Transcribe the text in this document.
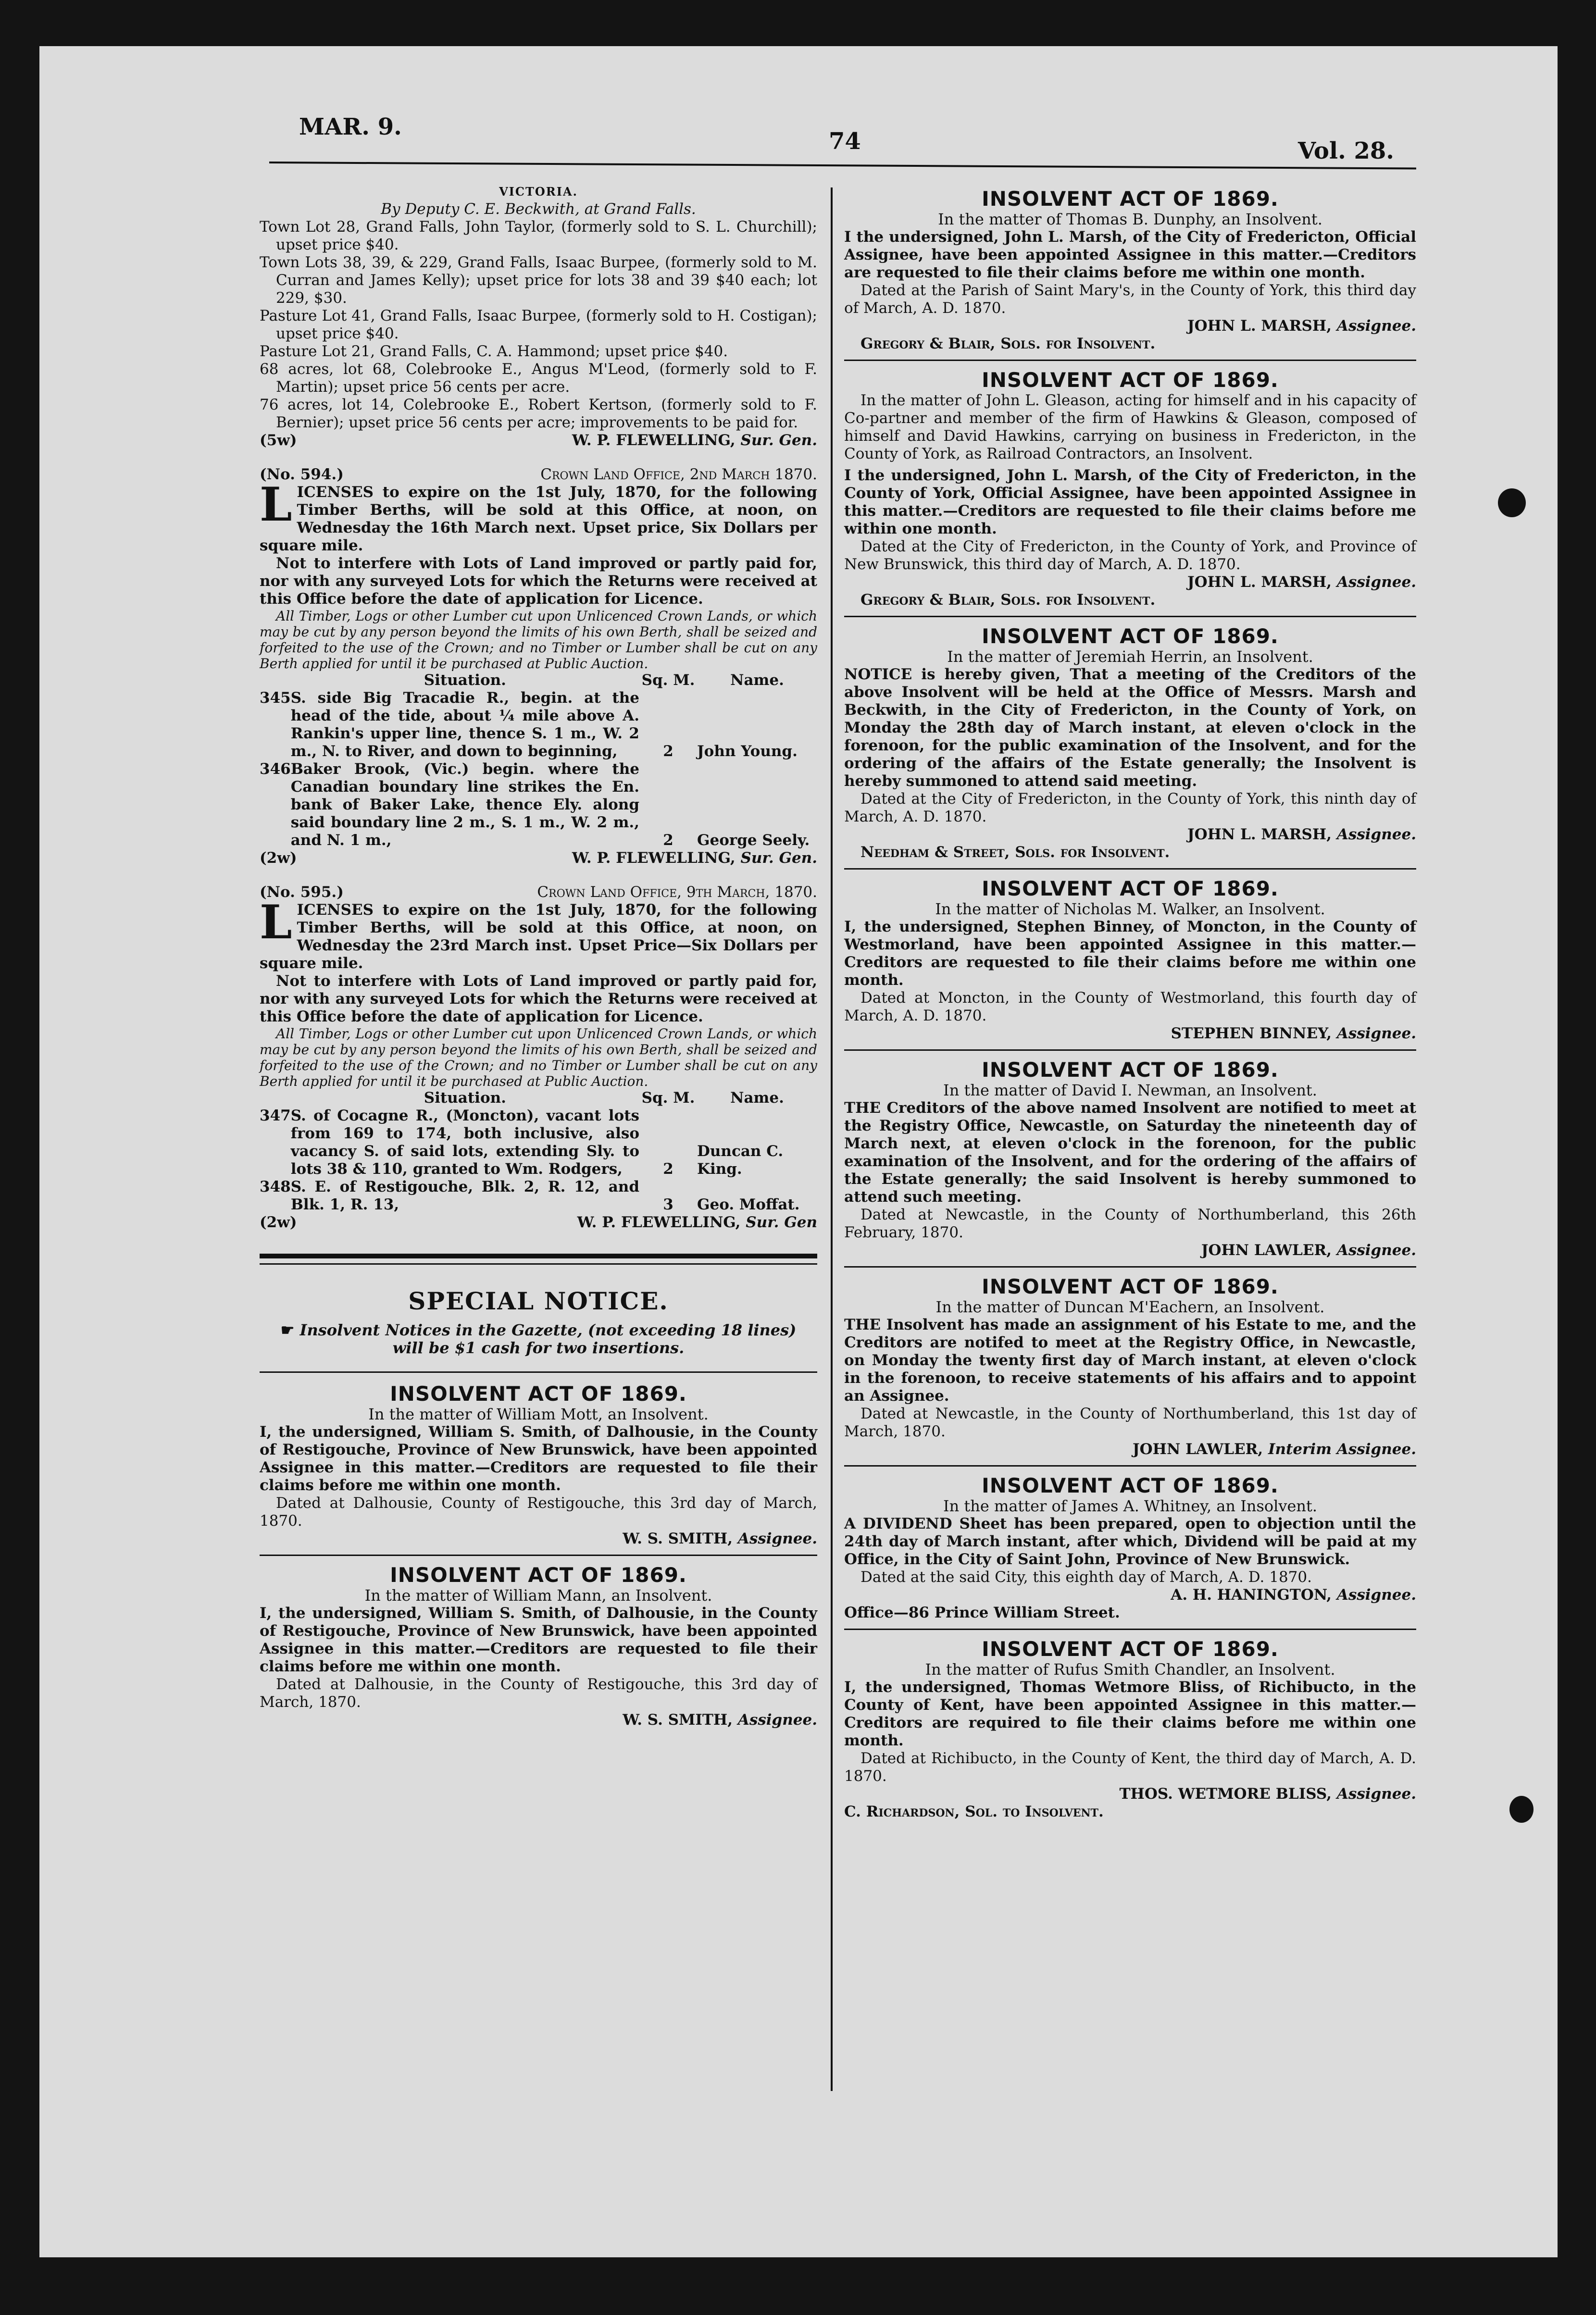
MAR. 9.
74	Vol. 28.

VICTORIA.

By Deputy C. E. Beckwith, at Grand Falls.

Town Lot 28, Grand Falls, John Taylor, (formerly sold to S. L. Churchill); upset price $40.

Town Lots 38, 39, & 229, Grand Falls, Isaac Burpee, (formerly sold to M. Curran and James Kelly); upset price for lots 38 and 39 $40 each; lot 229, $30.

Pasture Lot 41, Grand Falls, Isaac Burpee, (formerly sold to H. Costigan); upset price $40.

Pasture Lot 21, Grand Falls, C. A. Hammond; upset price $40.

68 acres, lot 68, Colebrooke E., Angus M'Leod, (formerly sold to F. Martin); upset price 56 cents per acre.

76 acres, lot 14, Colebrooke E., Robert Kertson, (formerly sold to F. Bernier); upset price 56 cents per acre; improvements to be paid for.

(5w)	W. P. FLEWELLING, Sur. Gen.
(No. 594.)	Crown Land Office, 2nd March 1870.

LICENSES to expire on the 1st July, 1870, for the following Timber Berths, will be sold at this Office, at noon, on Wednesday the 16th March next. Upset price, Six Dollars per square mile.

Not to interfere with Lots of Land improved or partly paid for, nor with any surveyed Lots for which the Returns were received at this Office before the date of application for Licence.

All Timber, Logs or other Lumber cut upon Unlicenced Crown Lands, or which may be cut by any person beyond the limits of his own Berth, shall be seized and forfeited to the use of the Crown; and no Timber or Lumber shall be cut on any Berth applied for until it be purchased at Public Auction.

	Situation.	Sq. M.	Name.
345	S. side Big Tracadie R., begin. at the head of the tide, about ¼ mile above A. Rankin's upper line, thence S. 1 m., W. 2 m., N. to River, and down to beginning,	2	John Young.
346	Baker Brook, (Vic.) begin. where the Canadian boundary line strikes the En. bank of Baker Lake, thence Ely. along said boundary line 2 m., S. 1 m., W. 2 m., and N. 1 m.,	2	George Seely.
(2w)	W. P. FLEWELLING, Sur. Gen.
(No. 595.)	Crown Land Office, 9th March, 1870.

LICENSES to expire on the 1st July, 1870, for the following Timber Berths, will be sold at this Office, at noon, on Wednesday the 23rd March inst. Upset Price—Six Dollars per square mile.

Not to interfere with Lots of Land improved or partly paid for, nor with any surveyed Lots for which the Returns were received at this Office before the date of application for Licence.

All Timber, Logs or other Lumber cut upon Unlicenced Crown Lands, or which may be cut by any person beyond the limits of his own Berth, shall be seized and forfeited to the use of the Crown; and no Timber or Lumber shall be cut on any Berth applied for until it be purchased at Public Auction.

	Situation.	Sq. M.	Name.
347	S. of Cocagne R., (Moncton), vacant lots from 169 to 174, both inclusive, also vacancy S. of said lots, extending Sly. to lots 38 & 110, granted to Wm. Rodgers,	2	Duncan C. King.
348	S. E. of Restigouche, Blk. 2, R. 12, and Blk. 1, R. 13,	3	Geo. Moffat.
(2w)	W. P. FLEWELLING, Sur. Gen

SPECIAL NOTICE.

☛ Insolvent Notices in the Gazette, (not exceeding 18 lines)

will be $1 cash for two insertions.

INSOLVENT ACT OF 1869.

In the matter of William Mott, an Insolvent.

I, the undersigned, William S. Smith, of Dalhousie, in the County of Restigouche, Province of New Brunswick, have been appointed Assignee in this matter.—Creditors are requested to file their claims before me within one month.

Dated at Dalhousie, County of Restigouche, this 3rd day of March, 1870.

W. S. SMITH, Assignee.

INSOLVENT ACT OF 1869.

In the matter of William Mann, an Insolvent.

I, the undersigned, William S. Smith, of Dalhousie, in the County of Restigouche, Province of New Brunswick, have been appointed Assignee in this matter.—Creditors are requested to file their claims before me within one month.

Dated at Dalhousie, in the County of Restigouche, this 3rd day of March, 1870.

W. S. SMITH, Assignee.

INSOLVENT ACT OF 1869.

In the matter of Thomas B. Dunphy, an Insolvent.

I the undersigned, John L. Marsh, of the City of Fredericton, Official Assignee, have been appointed Assignee in this matter.—Creditors are requested to file their claims before me within one month.

Dated at the Parish of Saint Mary's, in the County of York, this third day of March, A. D. 1870.

JOHN L. MARSH, Assignee.

Gregory & Blair, Sols. for Insolvent.

INSOLVENT ACT OF 1869.

In the matter of John L. Gleason, acting for himself and in his capacity of Co-partner and member of the firm of Hawkins & Gleason, composed of himself and David Hawkins, carrying on business in Fredericton, in the County of York, as Railroad Contractors, an Insolvent.

I the undersigned, John L. Marsh, of the City of Fredericton, in the County of York, Official Assignee, have been appointed Assignee in this matter.—Creditors are requested to file their claims before me within one month.

Dated at the City of Fredericton, in the County of York, and Province of New Brunswick, this third day of March, A. D. 1870.

JOHN L. MARSH, Assignee.

Gregory & Blair, Sols. for Insolvent.

INSOLVENT ACT OF 1869.

In the matter of Jeremiah Herrin, an Insolvent.

NOTICE is hereby given, That a meeting of the Creditors of the above Insolvent will be held at the Office of Messrs. Marsh and Beckwith, in the City of Fredericton, in the County of York, on Monday the 28th day of March instant, at eleven o'clock in the forenoon, for the public examination of the Insolvent, and for the ordering of the affairs of the Estate generally; the Insolvent is hereby summoned to attend said meeting.

Dated at the City of Fredericton, in the County of York, this ninth day of March, A. D. 1870.

JOHN L. MARSH, Assignee.

Needham & Street, Sols. for Insolvent.

INSOLVENT ACT OF 1869.

In the matter of Nicholas M. Walker, an Insolvent.

I, the undersigned, Stephen Binney, of Moncton, in the County of Westmorland, have been appointed Assignee in this matter.—Creditors are requested to file their claims before me within one month.

Dated at Moncton, in the County of Westmorland, this fourth day of March, A. D. 1870.

STEPHEN BINNEY, Assignee.

INSOLVENT ACT OF 1869.

In the matter of David I. Newman, an Insolvent.

THE Creditors of the above named Insolvent are notified to meet at the Registry Office, Newcastle, on Saturday the nineteenth day of March next, at eleven o'clock in the forenoon, for the public examination of the Insolvent, and for the ordering of the affairs of the Estate generally; the said Insolvent is hereby summoned to attend such meeting.

Dated at Newcastle, in the County of Northumberland, this 26th February, 1870.

JOHN LAWLER, Assignee.

INSOLVENT ACT OF 1869.

In the matter of Duncan M'Eachern, an Insolvent.

THE Insolvent has made an assignment of his Estate to me, and the Creditors are notifed to meet at the Registry Office, in Newcastle, on Monday the twenty first day of March instant, at eleven o'clock in the forenoon, to receive statements of his affairs and to appoint an Assignee.

Dated at Newcastle, in the County of Northumberland, this 1st day of March, 1870.

JOHN LAWLER, Interim Assignee.

INSOLVENT ACT OF 1869.

In the matter of James A. Whitney, an Insolvent.

A DIVIDEND Sheet has been prepared, open to objection until the 24th day of March instant, after which, Dividend will be paid at my Office, in the City of Saint John, Province of New Brunswick.

Dated at the said City, this eighth day of March, A. D. 1870.

A. H. HANINGTON, Assignee.

Office—86 Prince William Street.

INSOLVENT ACT OF 1869.

In the matter of Rufus Smith Chandler, an Insolvent.

I, the undersigned, Thomas Wetmore Bliss, of Richibucto, in the County of Kent, have been appointed Assignee in this matter.—Creditors are required to file their claims before me within one month.

Dated at Richibucto, in the County of Kent, the third day of March, A. D. 1870.

THOS. WETMORE BLISS, Assignee.

C. Richardson, Sol. to Insolvent.
